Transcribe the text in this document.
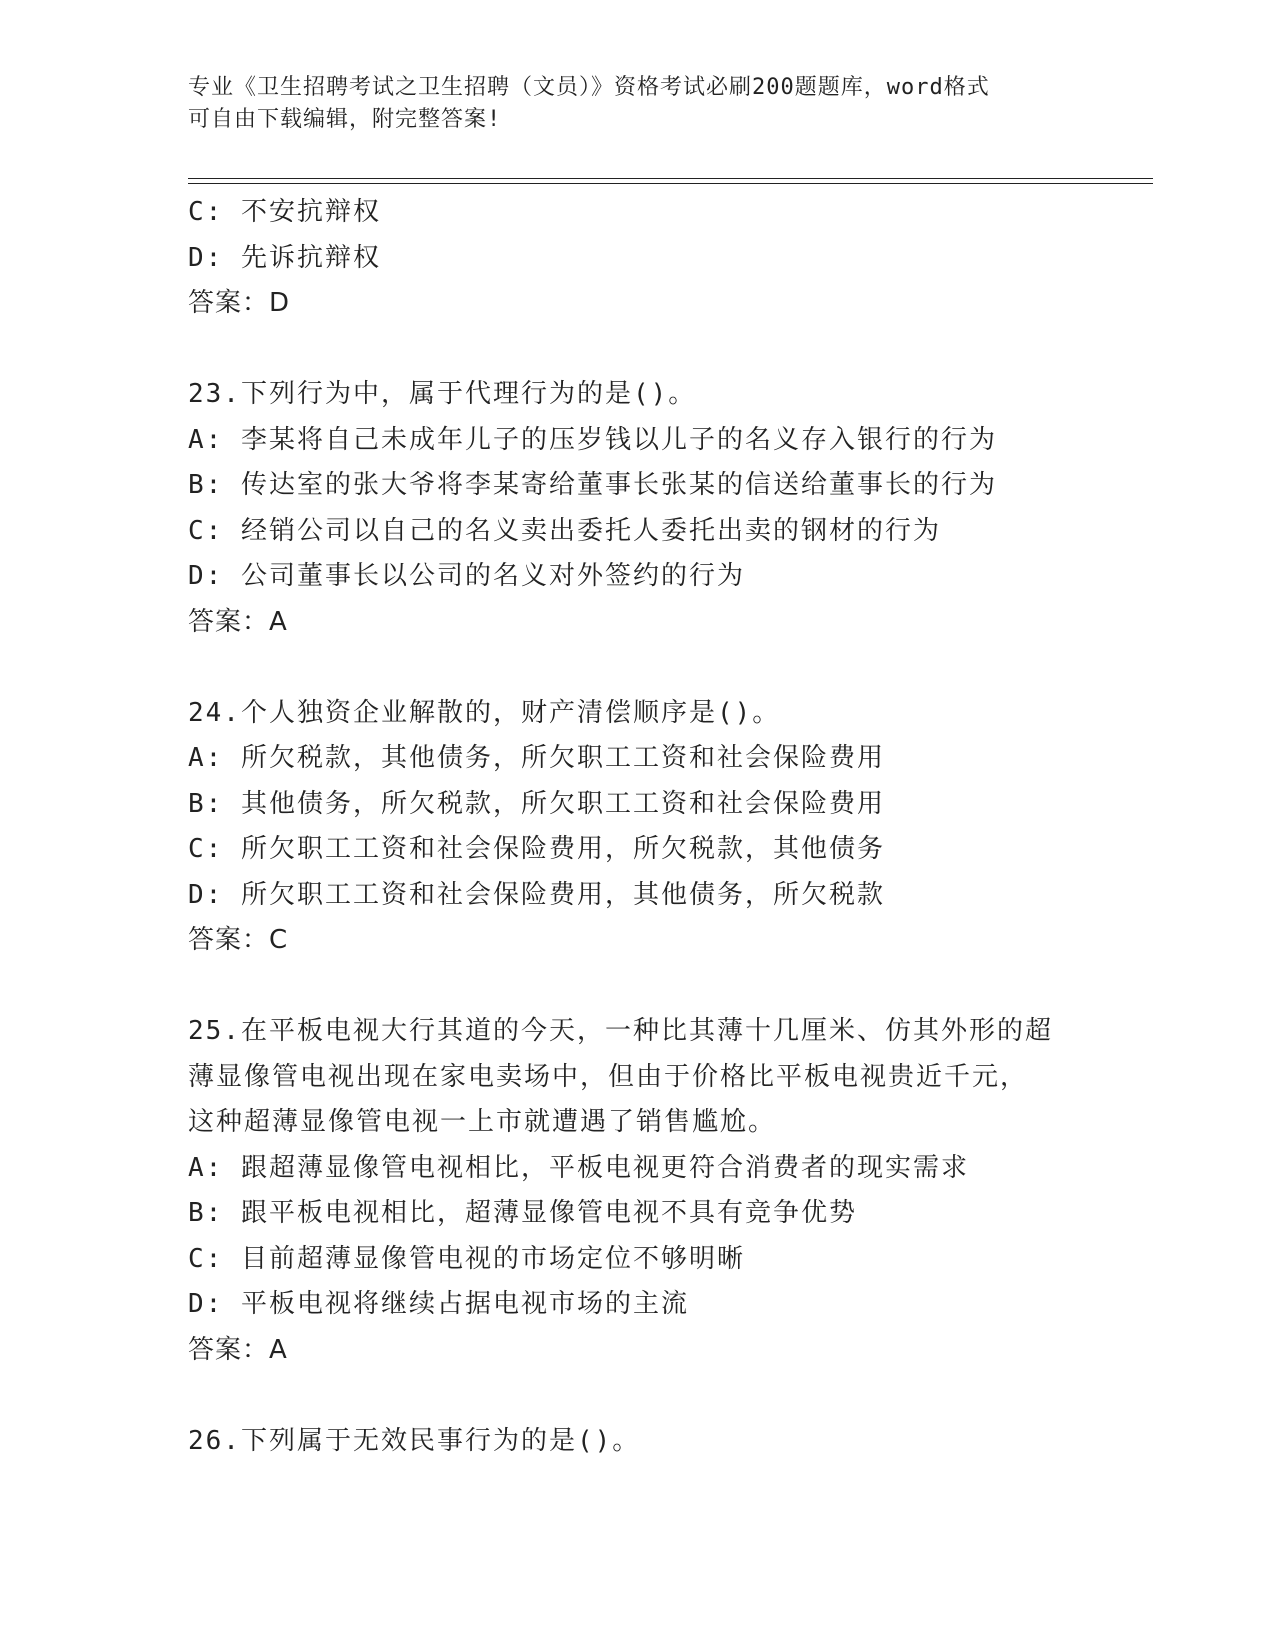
专业《卫生招聘考试之卫生招聘（文员）》资格考试必刷200题题库，word格式
可自由下载编辑，附完整答案!
C: 不安抗辩权
D: 先诉抗辩权
答案：D
23.下列行为中，属于代理行为的是()。
A: 李某将自己未成年儿子的压岁钱以儿子的名义存入银行的行为
B: 传达室的张大爷将李某寄给董事长张某的信送给董事长的行为
C: 经销公司以自己的名义卖出委托人委托出卖的钢材的行为
D: 公司董事长以公司的名义对外签约的行为
答案：A
24.个人独资企业解散的，财产清偿顺序是()。
A: 所欠税款，其他债务，所欠职工工资和社会保险费用
B: 其他债务，所欠税款，所欠职工工资和社会保险费用
C: 所欠职工工资和社会保险费用，所欠税款，其他债务
D: 所欠职工工资和社会保险费用，其他债务，所欠税款
答案：C
25.在平板电视大行其道的今天，一种比其薄十几厘米、仿其外形的超
薄显像管电视出现在家电卖场中，但由于价格比平板电视贵近千元，
这种超薄显像管电视一上市就遭遇了销售尴尬。
A: 跟超薄显像管电视相比，平板电视更符合消费者的现实需求
B: 跟平板电视相比，超薄显像管电视不具有竞争优势
C: 目前超薄显像管电视的市场定位不够明晰
D: 平板电视将继续占据电视市场的主流
答案：A
26.下列属于无效民事行为的是()。
